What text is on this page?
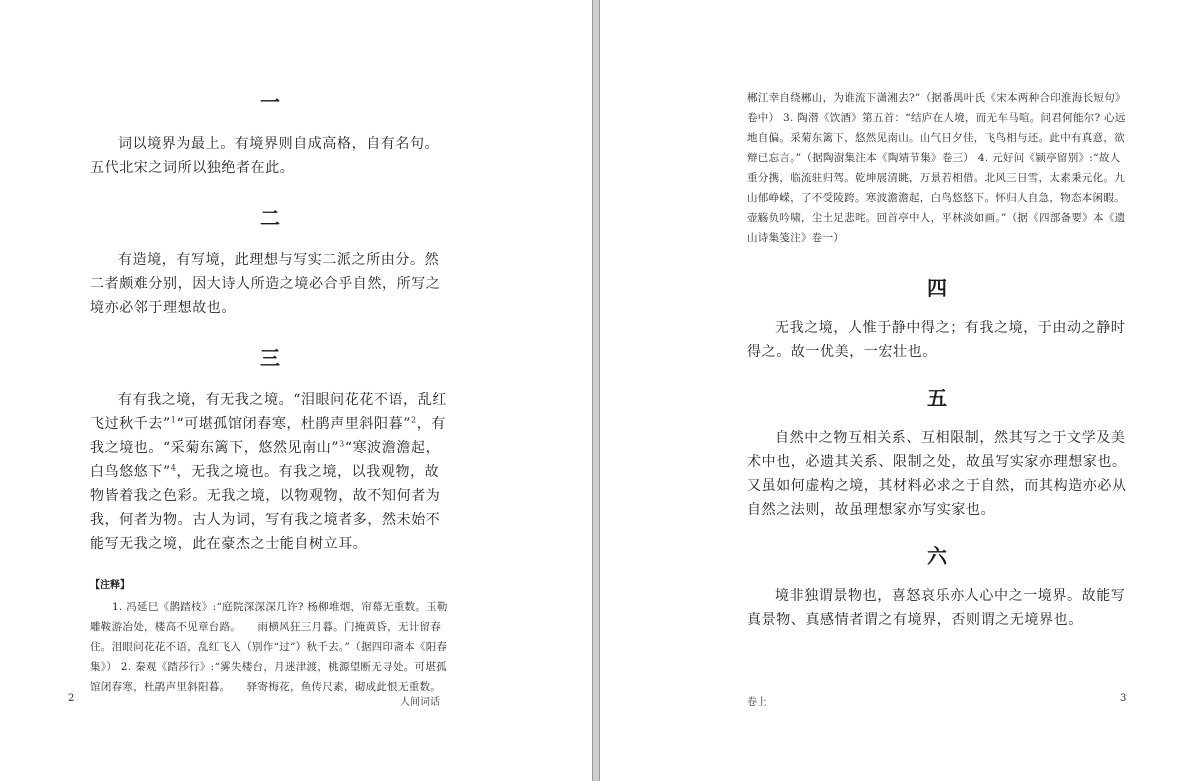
一

词以境界为最上。有境界则自成高格，自有名句。五代北宋之词所以独绝者在此。

二

有造境，有写境，此理想与写实二派之所由分。然二者颇难分别，因大诗人所造之境必合乎自然，所写之境亦必邻于理想故也。

三

有有我之境，有无我之境。“泪眼问花花不语，乱红飞过秋千去”$^1$“可堪孤馆闭春寒，杜鹃声里斜阳暮”$^2$，有我之境也。“采菊东篱下，悠然见南山”$^3$“寒波澹澹起，白鸟悠悠下”$^4$，无我之境也。有我之境，以我观物，故物皆着我之色彩。无我之境，以物观物，故不知何者为我，何者为物。古人为词，写有我之境者多，然未始不能写无我之境，此在豪杰之士能自树立耳。

【注释】

1. 冯延巳《鹊踏枝》:“庭院深深深几许? 杨柳堆烟，帘幕无重数。玉勒雕鞍游冶处，楼高不见章台路。　　雨横风狂三月暮。门掩黄昏，无计留春住。泪眼问花花不语，乱红飞入（别作“过”）秋千去。”（据四印斋本《阳春集》） 2. 秦观《踏莎行》:“雾失楼台，月迷津渡，桃源望断无寻处。可堪孤馆闭春寒，杜鹃声里斜阳暮。　　驿寄梅花，鱼传尺素，砌成此恨无重数。

2	人间词话

郴江幸自绕郴山，为谁流下潇湘去?”（据番禺叶氏《宋本两种合印淮海长短句》卷中） 3. 陶潜《饮酒》第五首：“结庐在人境，而无车马喧。问君何能尔? 心远地自偏。采菊东篱下，悠然见南山。山气日夕佳，飞鸟相与还。此中有真意，欲辩已忘言。”（据陶澍集注本《陶靖节集》卷三） 4. 元好问《颍亭留别》:“故人重分携，临流驻归驾。乾坤展清眺，万景若相借。北风三日雪，太素秉元化。九山郁峥嵘，了不受陵跨。寒波澹澹起，白鸟悠悠下。怀归人自急，物态本闲暇。壶觞负吟啸，尘土足悲咤。回首亭中人，平林淡如画。”（据《四部备要》本《遗山诗集笺注》卷一）

四

无我之境，人惟于静中得之；有我之境，于由动之静时得之。故一优美，一宏壮也。

五

自然中之物互相关系、互相限制，然其写之于文学及美术中也，必遗其关系、限制之处，故虽写实家亦理想家也。又虽如何虚构之境，其材料必求之于自然，而其构造亦必从自然之法则，故虽理想家亦写实家也。

六

境非独谓景物也，喜怒哀乐亦人心中之一境界。故能写真景物、真感情者谓之有境界，否则谓之无境界也。

卷上	3
